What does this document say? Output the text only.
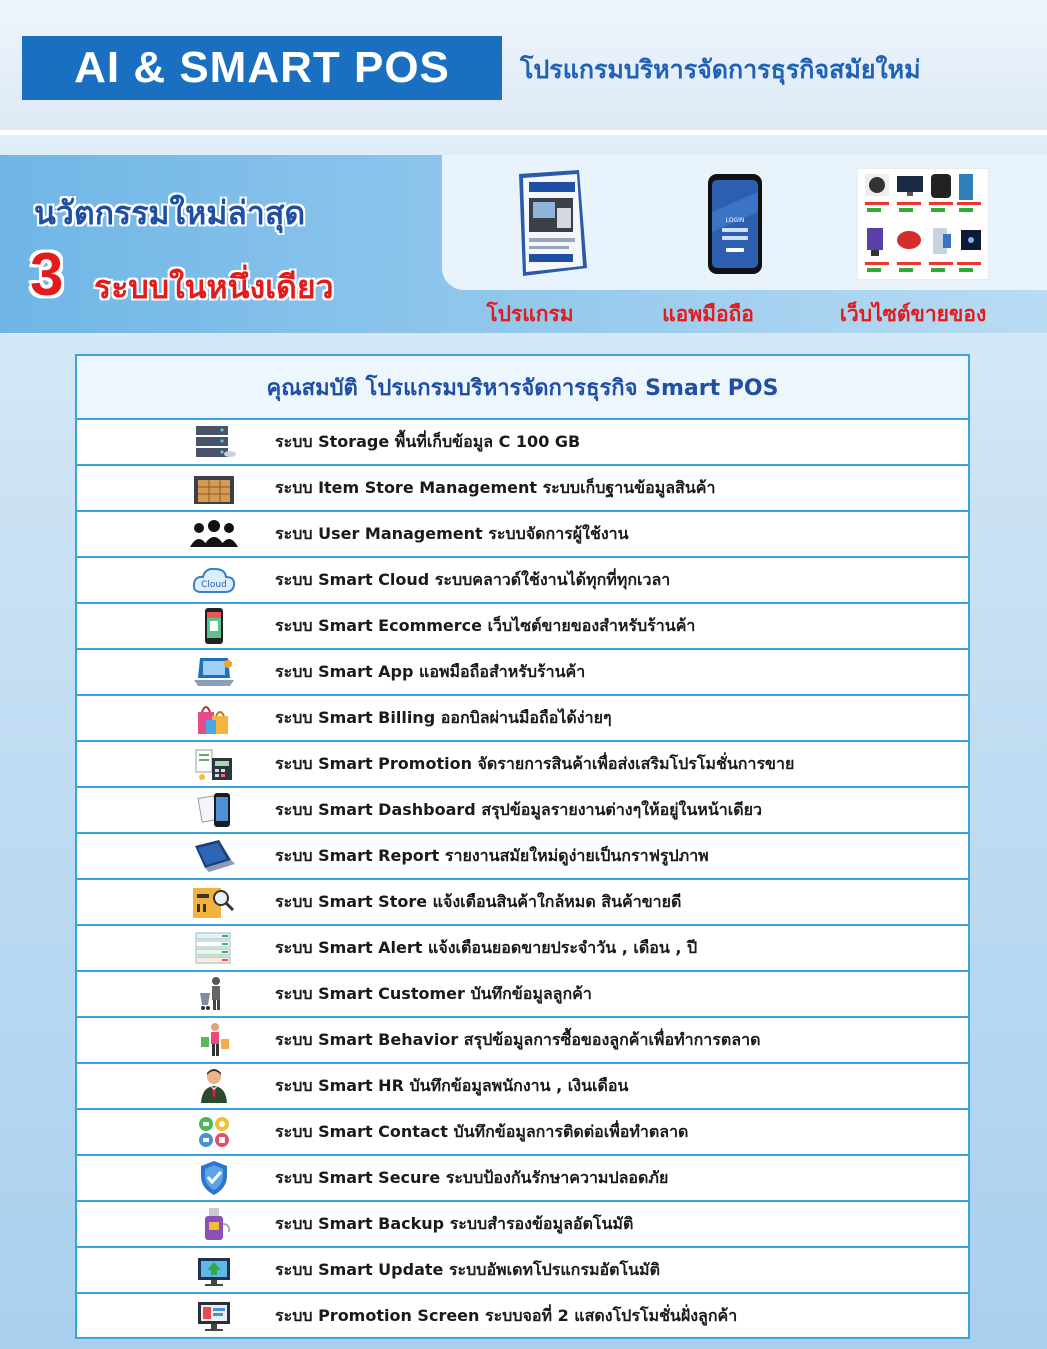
AI & SMART POS	โปรแกรมบริหารจัดการธุรกิจสมัยใหม่
นวัตกรรมใหม่ล่าสุด
3 ระบบในหนึ่งเดียว
โปรแกรม
LOGIN
แอพมือถือ	เว็บไซต์ขายของ
คุณสมบัติ โปรแกรมบริหารจัดการธุรกิจ Smart POS
ระบบ Storage พื้นที่เก็บข้อมูล C 100 GB
ระบบ Item Store Management ระบบเก็บฐานข้อมูลสินค้า
ระบบ User Management ระบบจัดการผู้ใช้งาน
Cloud	ระบบ Smart Cloud ระบบคลาวด์ใช้งานได้ทุกที่ทุกเวลา
ระบบ Smart Ecommerce เว็บไซต์ขายของสำหรับร้านค้า
ระบบ Smart App แอพมือถือสำหรับร้านค้า
ระบบ Smart Billing ออกบิลผ่านมือถือได้ง่ายๆ
ระบบ Smart Promotion จัดรายการสินค้าเพื่อส่งเสริมโปรโมชั่นการขาย
ระบบ Smart Dashboard สรุปข้อมูลรายงานต่างๆให้อยู่ในหน้าเดียว
ระบบ Smart Report รายงานสมัยใหม่ดูง่ายเป็นกราฟรูปภาพ
ระบบ Smart Store แจ้งเตือนสินค้าใกล้หมด สินค้าขายดี
ระบบ Smart Alert แจ้งเตือนยอดขายประจำวัน , เดือน , ปี
ระบบ Smart Customer บันทึกข้อมูลลูกค้า
ระบบ Smart Behavior สรุปข้อมูลการซื้อของลูกค้าเพื่อทำการตลาด
ระบบ Smart HR บันทึกข้อมูลพนักงาน , เงินเดือน
ระบบ Smart Contact บันทึกข้อมูลการติดต่อเพื่อทำตลาด
ระบบ Smart Secure ระบบป้องกันรักษาความปลอดภัย
ระบบ Smart Backup ระบบสำรองข้อมูลอัตโนมัติ
ระบบ Smart Update ระบบอัพเดทโปรแกรมอัตโนมัติ
ระบบ Promotion Screen ระบบจอที่ 2 แสดงโปรโมชั่นฝั่งลูกค้า
